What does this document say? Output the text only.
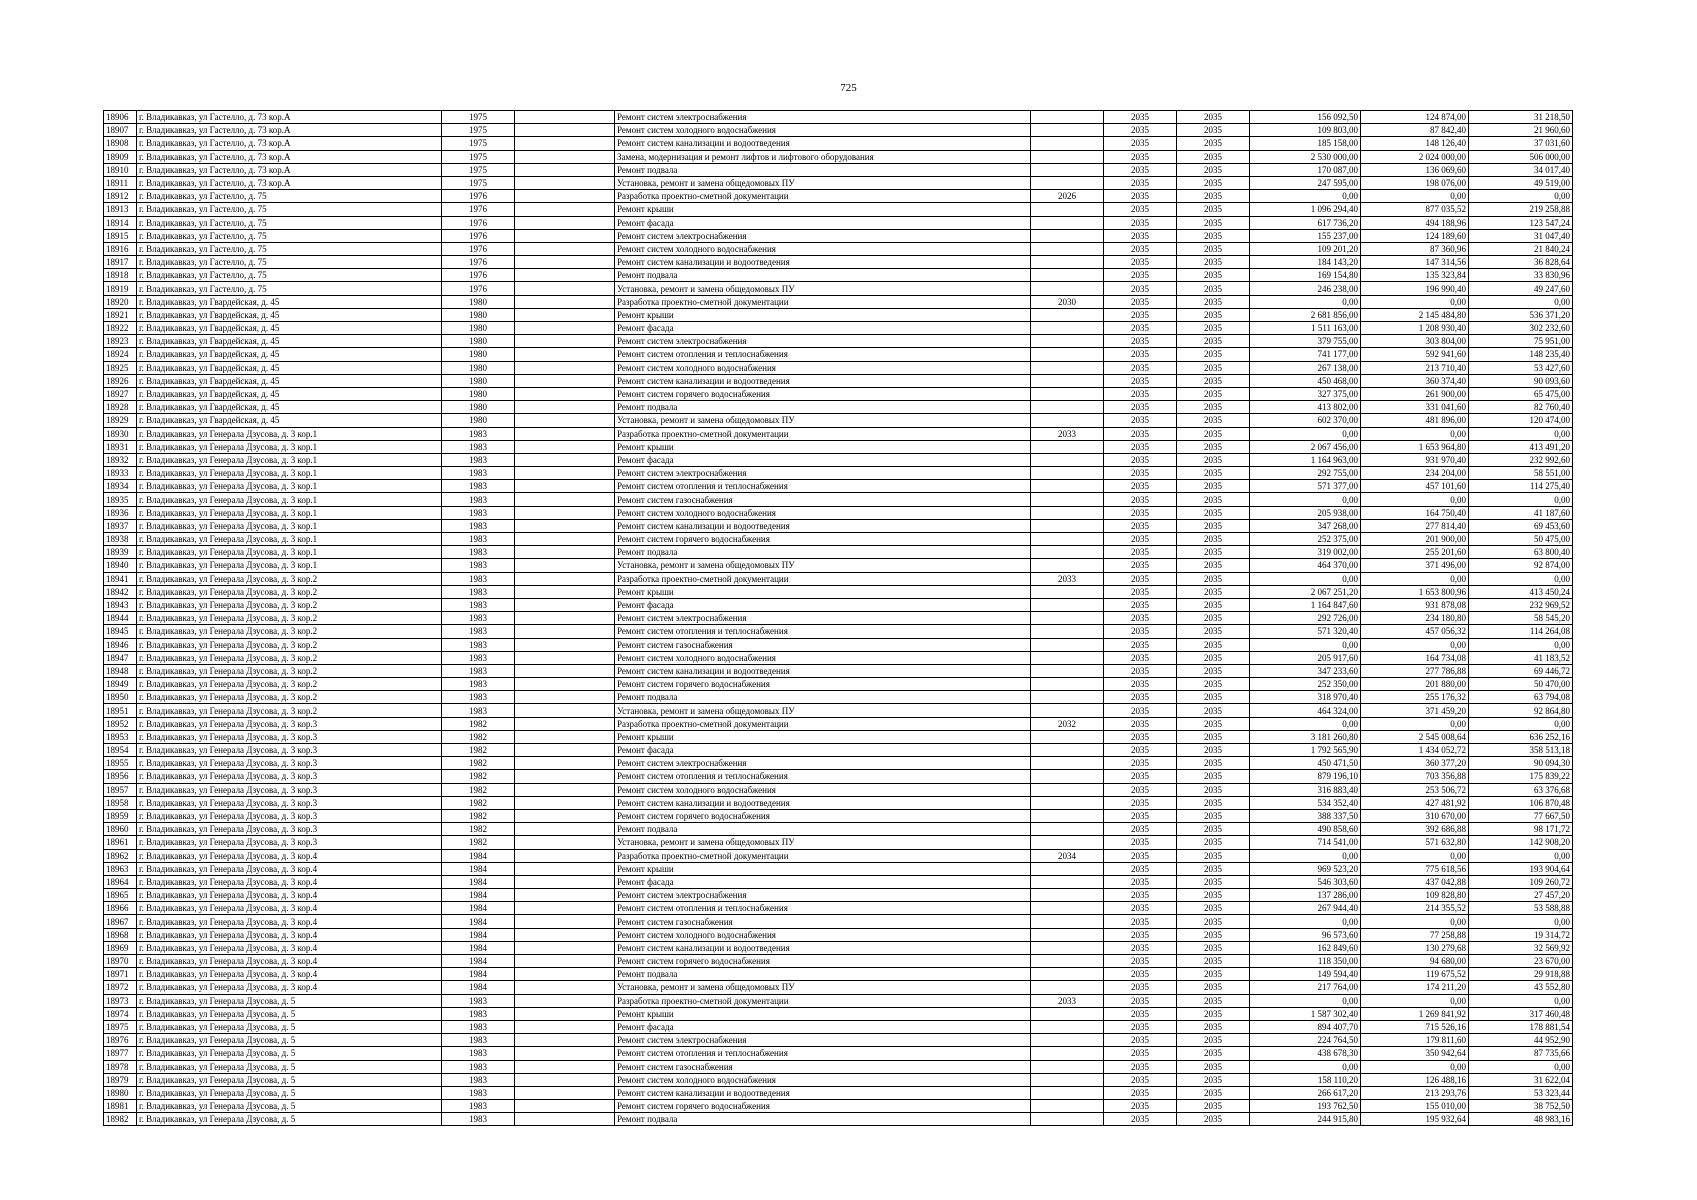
725
18906	г. Владикавказ, ул Гастелло, д. 73 кор.А	1975		Ремонт систем электроснабжения		2035	2035	156 092,50	124 874,00	31 218,50
18907	г. Владикавказ, ул Гастелло, д. 73 кор.А	1975		Ремонт систем холодного водоснабжения		2035	2035	109 803,00	87 842,40	21 960,60
18908	г. Владикавказ, ул Гастелло, д. 73 кор.А	1975		Ремонт систем канализации и водоотведения		2035	2035	185 158,00	148 126,40	37 031,60
18909	г. Владикавказ, ул Гастелло, д. 73 кор.А	1975		Замена, модернизация и ремонт лифтов и лифтового оборудования		2035	2035	2 530 000,00	2 024 000,00	506 000,00
18910	г. Владикавказ, ул Гастелло, д. 73 кор.А	1975		Ремонт подвала		2035	2035	170 087,00	136 069,60	34 017,40
18911	г. Владикавказ, ул Гастелло, д. 73 кор.А	1975		Установка, ремонт и замена общедомовых ПУ		2035	2035	247 595,00	198 076,00	49 519,00
18912	г. Владикавказ, ул Гастелло, д. 75	1976		Разработка проектно-сметной документации	2026	2035	2035	0,00	0,00	0,00
18913	г. Владикавказ, ул Гастелло, д. 75	1976		Ремонт крыши		2035	2035	1 096 294,40	877 035,52	219 258,88
18914	г. Владикавказ, ул Гастелло, д. 75	1976		Ремонт фасада		2035	2035	617 736,20	494 188,96	123 547,24
18915	г. Владикавказ, ул Гастелло, д. 75	1976		Ремонт систем электроснабжения		2035	2035	155 237,00	124 189,60	31 047,40
18916	г. Владикавказ, ул Гастелло, д. 75	1976		Ремонт систем холодного водоснабжения		2035	2035	109 201,20	87 360,96	21 840,24
18917	г. Владикавказ, ул Гастелло, д. 75	1976		Ремонт систем канализации и водоотведения		2035	2035	184 143,20	147 314,56	36 828,64
18918	г. Владикавказ, ул Гастелло, д. 75	1976		Ремонт подвала		2035	2035	169 154,80	135 323,84	33 830,96
18919	г. Владикавказ, ул Гастелло, д. 75	1976		Установка, ремонт и замена общедомовых ПУ		2035	2035	246 238,00	196 990,40	49 247,60
18920	г. Владикавказ, ул Гвардейская, д. 45	1980		Разработка проектно-сметной документации	2030	2035	2035	0,00	0,00	0,00
18921	г. Владикавказ, ул Гвардейская, д. 45	1980		Ремонт крыши		2035	2035	2 681 856,00	2 145 484,80	536 371,20
18922	г. Владикавказ, ул Гвардейская, д. 45	1980		Ремонт фасада		2035	2035	1 511 163,00	1 208 930,40	302 232,60
18923	г. Владикавказ, ул Гвардейская, д. 45	1980		Ремонт систем электроснабжения		2035	2035	379 755,00	303 804,00	75 951,00
18924	г. Владикавказ, ул Гвардейская, д. 45	1980		Ремонт систем отопления и теплоснабжения		2035	2035	741 177,00	592 941,60	148 235,40
18925	г. Владикавказ, ул Гвардейская, д. 45	1980		Ремонт систем холодного водоснабжения		2035	2035	267 138,00	213 710,40	53 427,60
18926	г. Владикавказ, ул Гвардейская, д. 45	1980		Ремонт систем канализации и водоотведения		2035	2035	450 468,00	360 374,40	90 093,60
18927	г. Владикавказ, ул Гвардейская, д. 45	1980		Ремонт систем горячего водоснабжения		2035	2035	327 375,00	261 900,00	65 475,00
18928	г. Владикавказ, ул Гвардейская, д. 45	1980		Ремонт подвала		2035	2035	413 802,00	331 041,60	82 760,40
18929	г. Владикавказ, ул Гвардейская, д. 45	1980		Установка, ремонт и замена общедомовых ПУ		2035	2035	602 370,00	481 896,00	120 474,00
18930	г. Владикавказ, ул Генерала Дзусова, д. 3 кор.1	1983		Разработка проектно-сметной документации	2033	2035	2035	0,00	0,00	0,00
18931	г. Владикавказ, ул Генерала Дзусова, д. 3 кор.1	1983		Ремонт крыши		2035	2035	2 067 456,00	1 653 964,80	413 491,20
18932	г. Владикавказ, ул Генерала Дзусова, д. 3 кор.1	1983		Ремонт фасада		2035	2035	1 164 963,00	931 970,40	232 992,60
18933	г. Владикавказ, ул Генерала Дзусова, д. 3 кор.1	1983		Ремонт систем электроснабжения		2035	2035	292 755,00	234 204,00	58 551,00
18934	г. Владикавказ, ул Генерала Дзусова, д. 3 кор.1	1983		Ремонт систем отопления и теплоснабжения		2035	2035	571 377,00	457 101,60	114 275,40
18935	г. Владикавказ, ул Генерала Дзусова, д. 3 кор.1	1983		Ремонт систем газоснабжения		2035	2035	0,00	0,00	0,00
18936	г. Владикавказ, ул Генерала Дзусова, д. 3 кор.1	1983		Ремонт систем холодного водоснабжения		2035	2035	205 938,00	164 750,40	41 187,60
18937	г. Владикавказ, ул Генерала Дзусова, д. 3 кор.1	1983		Ремонт систем канализации и водоотведения		2035	2035	347 268,00	277 814,40	69 453,60
18938	г. Владикавказ, ул Генерала Дзусова, д. 3 кор.1	1983		Ремонт систем горячего водоснабжения		2035	2035	252 375,00	201 900,00	50 475,00
18939	г. Владикавказ, ул Генерала Дзусова, д. 3 кор.1	1983		Ремонт подвала		2035	2035	319 002,00	255 201,60	63 800,40
18940	г. Владикавказ, ул Генерала Дзусова, д. 3 кор.1	1983		Установка, ремонт и замена общедомовых ПУ		2035	2035	464 370,00	371 496,00	92 874,00
18941	г. Владикавказ, ул Генерала Дзусова, д. 3 кор.2	1983		Разработка проектно-сметной документации	2033	2035	2035	0,00	0,00	0,00
18942	г. Владикавказ, ул Генерала Дзусова, д. 3 кор.2	1983		Ремонт крыши		2035	2035	2 067 251,20	1 653 800,96	413 450,24
18943	г. Владикавказ, ул Генерала Дзусова, д. 3 кор.2	1983		Ремонт фасада		2035	2035	1 164 847,60	931 878,08	232 969,52
18944	г. Владикавказ, ул Генерала Дзусова, д. 3 кор.2	1983		Ремонт систем электроснабжения		2035	2035	292 726,00	234 180,80	58 545,20
18945	г. Владикавказ, ул Генерала Дзусова, д. 3 кор.2	1983		Ремонт систем отопления и теплоснабжения		2035	2035	571 320,40	457 056,32	114 264,08
18946	г. Владикавказ, ул Генерала Дзусова, д. 3 кор.2	1983		Ремонт систем газоснабжения		2035	2035	0,00	0,00	0,00
18947	г. Владикавказ, ул Генерала Дзусова, д. 3 кор.2	1983		Ремонт систем холодного водоснабжения		2035	2035	205 917,60	164 734,08	41 183,52
18948	г. Владикавказ, ул Генерала Дзусова, д. 3 кор.2	1983		Ремонт систем канализации и водоотведения		2035	2035	347 233,60	277 786,88	69 446,72
18949	г. Владикавказ, ул Генерала Дзусова, д. 3 кор.2	1983		Ремонт систем горячего водоснабжения		2035	2035	252 350,00	201 880,00	50 470,00
18950	г. Владикавказ, ул Генерала Дзусова, д. 3 кор.2	1983		Ремонт подвала		2035	2035	318 970,40	255 176,32	63 794,08
18951	г. Владикавказ, ул Генерала Дзусова, д. 3 кор.2	1983		Установка, ремонт и замена общедомовых ПУ		2035	2035	464 324,00	371 459,20	92 864,80
18952	г. Владикавказ, ул Генерала Дзусова, д. 3 кор.3	1982		Разработка проектно-сметной документации	2032	2035	2035	0,00	0,00	0,00
18953	г. Владикавказ, ул Генерала Дзусова, д. 3 кор.3	1982		Ремонт крыши		2035	2035	3 181 260,80	2 545 008,64	636 252,16
18954	г. Владикавказ, ул Генерала Дзусова, д. 3 кор.3	1982		Ремонт фасада		2035	2035	1 792 565,90	1 434 052,72	358 513,18
18955	г. Владикавказ, ул Генерала Дзусова, д. 3 кор.3	1982		Ремонт систем электроснабжения		2035	2035	450 471,50	360 377,20	90 094,30
18956	г. Владикавказ, ул Генерала Дзусова, д. 3 кор.3	1982		Ремонт систем отопления и теплоснабжения		2035	2035	879 196,10	703 356,88	175 839,22
18957	г. Владикавказ, ул Генерала Дзусова, д. 3 кор.3	1982		Ремонт систем холодного водоснабжения		2035	2035	316 883,40	253 506,72	63 376,68
18958	г. Владикавказ, ул Генерала Дзусова, д. 3 кор.3	1982		Ремонт систем канализации и водоотведения		2035	2035	534 352,40	427 481,92	106 870,48
18959	г. Владикавказ, ул Генерала Дзусова, д. 3 кор.3	1982		Ремонт систем горячего водоснабжения		2035	2035	388 337,50	310 670,00	77 667,50
18960	г. Владикавказ, ул Генерала Дзусова, д. 3 кор.3	1982		Ремонт подвала		2035	2035	490 858,60	392 686,88	98 171,72
18961	г. Владикавказ, ул Генерала Дзусова, д. 3 кор.3	1982		Установка, ремонт и замена общедомовых ПУ		2035	2035	714 541,00	571 632,80	142 908,20
18962	г. Владикавказ, ул Генерала Дзусова, д. 3 кор.4	1984		Разработка проектно-сметной документации	2034	2035	2035	0,00	0,00	0,00
18963	г. Владикавказ, ул Генерала Дзусова, д. 3 кор.4	1984		Ремонт крыши		2035	2035	969 523,20	775 618,56	193 904,64
18964	г. Владикавказ, ул Генерала Дзусова, д. 3 кор.4	1984		Ремонт фасада		2035	2035	546 303,60	437 042,88	109 260,72
18965	г. Владикавказ, ул Генерала Дзусова, д. 3 кор.4	1984		Ремонт систем электроснабжения		2035	2035	137 286,00	109 828,80	27 457,20
18966	г. Владикавказ, ул Генерала Дзусова, д. 3 кор.4	1984		Ремонт систем отопления и теплоснабжения		2035	2035	267 944,40	214 355,52	53 588,88
18967	г. Владикавказ, ул Генерала Дзусова, д. 3 кор.4	1984		Ремонт систем газоснабжения		2035	2035	0,00	0,00	0,00
18968	г. Владикавказ, ул Генерала Дзусова, д. 3 кор.4	1984		Ремонт систем холодного водоснабжения		2035	2035	96 573,60	77 258,88	19 314,72
18969	г. Владикавказ, ул Генерала Дзусова, д. 3 кор.4	1984		Ремонт систем канализации и водоотведения		2035	2035	162 849,60	130 279,68	32 569,92
18970	г. Владикавказ, ул Генерала Дзусова, д. 3 кор.4	1984		Ремонт систем горячего водоснабжения		2035	2035	118 350,00	94 680,00	23 670,00
18971	г. Владикавказ, ул Генерала Дзусова, д. 3 кор.4	1984		Ремонт подвала		2035	2035	149 594,40	119 675,52	29 918,88
18972	г. Владикавказ, ул Генерала Дзусова, д. 3 кор.4	1984		Установка, ремонт и замена общедомовых ПУ		2035	2035	217 764,00	174 211,20	43 552,80
18973	г. Владикавказ, ул Генерала Дзусова, д. 5	1983		Разработка проектно-сметной документации	2033	2035	2035	0,00	0,00	0,00
18974	г. Владикавказ, ул Генерала Дзусова, д. 5	1983		Ремонт крыши		2035	2035	1 587 302,40	1 269 841,92	317 460,48
18975	г. Владикавказ, ул Генерала Дзусова, д. 5	1983		Ремонт фасада		2035	2035	894 407,70	715 526,16	178 881,54
18976	г. Владикавказ, ул Генерала Дзусова, д. 5	1983		Ремонт систем электроснабжения		2035	2035	224 764,50	179 811,60	44 952,90
18977	г. Владикавказ, ул Генерала Дзусова, д. 5	1983		Ремонт систем отопления и теплоснабжения		2035	2035	438 678,30	350 942,64	87 735,66
18978	г. Владикавказ, ул Генерала Дзусова, д. 5	1983		Ремонт систем газоснабжения		2035	2035	0,00	0,00	0,00
18979	г. Владикавказ, ул Генерала Дзусова, д. 5	1983		Ремонт систем холодного водоснабжения		2035	2035	158 110,20	126 488,16	31 622,04
18980	г. Владикавказ, ул Генерала Дзусова, д. 5	1983		Ремонт систем канализации и водоотведения		2035	2035	266 617,20	213 293,76	53 323,44
18981	г. Владикавказ, ул Генерала Дзусова, д. 5	1983		Ремонт систем горячего водоснабжения		2035	2035	193 762,50	155 010,00	38 752,50
18982	г. Владикавказ, ул Генерала Дзусова, д. 5	1983		Ремонт подвала		2035	2035	244 915,80	195 932,64	48 983,16
